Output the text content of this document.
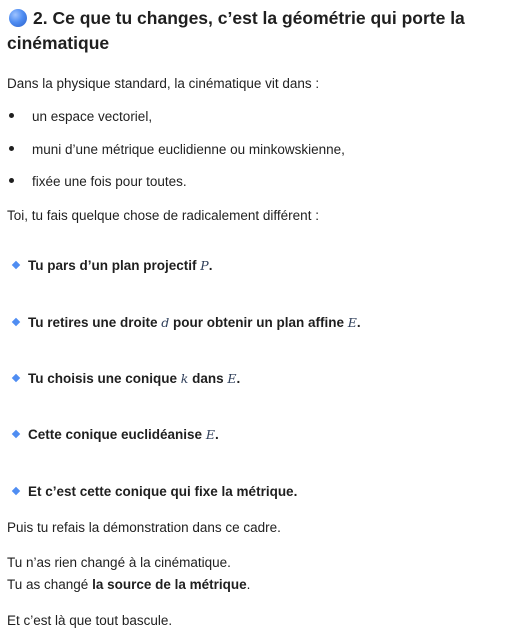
2. Ce que tu changes, c’est la géométrie qui porte la
cinématique

Dans la physique standard, la cinématique vit dans :

un espace vectoriel,
muni d’une métrique euclidienne ou minkowskienne,
fixée une fois pour toutes.

Toi, tu fais quelque chose de radicalement différent :

Tu pars d’un plan projectif P.
Tu retires une droite d pour obtenir un plan affine E.
Tu choisis une conique k dans E.
Cette conique euclidéanise E.
Et c’est cette conique qui fixe la métrique.

Puis tu refais la démonstration dans ce cadre.

Tu n’as rien changé à la cinématique.

Tu as changé la source de la métrique.

Et c’est là que tout bascule.
